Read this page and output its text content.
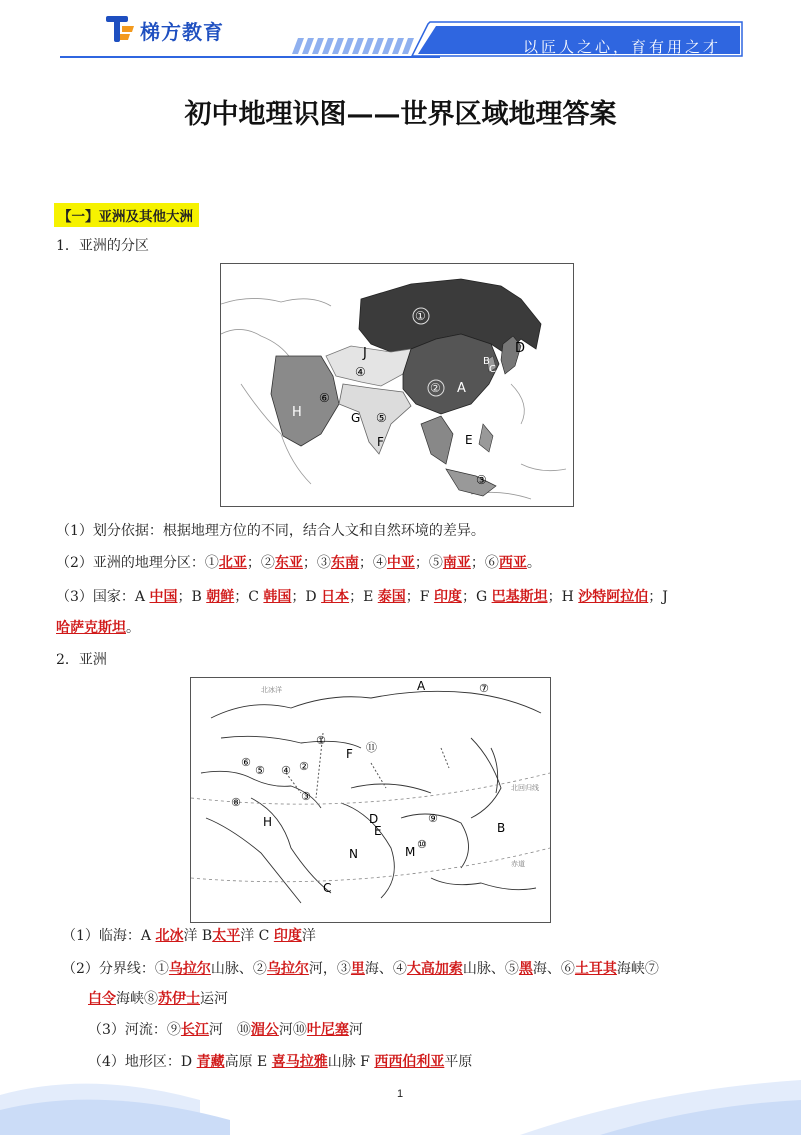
梯方教育
以匠人之心，育有用之才
初中地理识图——世界区域地理答案
【一】亚洲及其他大洲
1．亚洲的分区
①
② A
B
C
D
J
④
⑥
H	G ⑤
F	E
③
（1）划分依据：根据地理方位的不同，结合人文和自然环境的差异。
（2）亚洲的地理分区：①北亚；②东亚；③东南；④中亚；⑤南亚；⑥西亚。
（3）国家：A 中国；B 朝鲜；C 韩国；D 日本；E 泰国；F 印度；G 巴基斯坦；H 沙特阿拉伯；J
哈萨克斯坦。
2．亚洲
北冰洋
北回归线
赤道
A	⑦
①
F ⑪
⑥
⑤ ④ ②
③
⑧
H	D
E
⑨
⑩
M
N
B
C
（1）临海：A 北冰洋 B太平洋 C 印度洋
（2）分界线：①乌拉尔山脉、②乌拉尔河，③里海、④大高加索山脉、⑤黑海、⑥土耳其海峡⑦
白令海峡⑧苏伊士运河
（3）河流：⑨长江河　⑩湄公河⑩叶尼塞河
（4）地形区：D 青藏高原 E 喜马拉雅山脉 F 西西伯利亚平原
1
